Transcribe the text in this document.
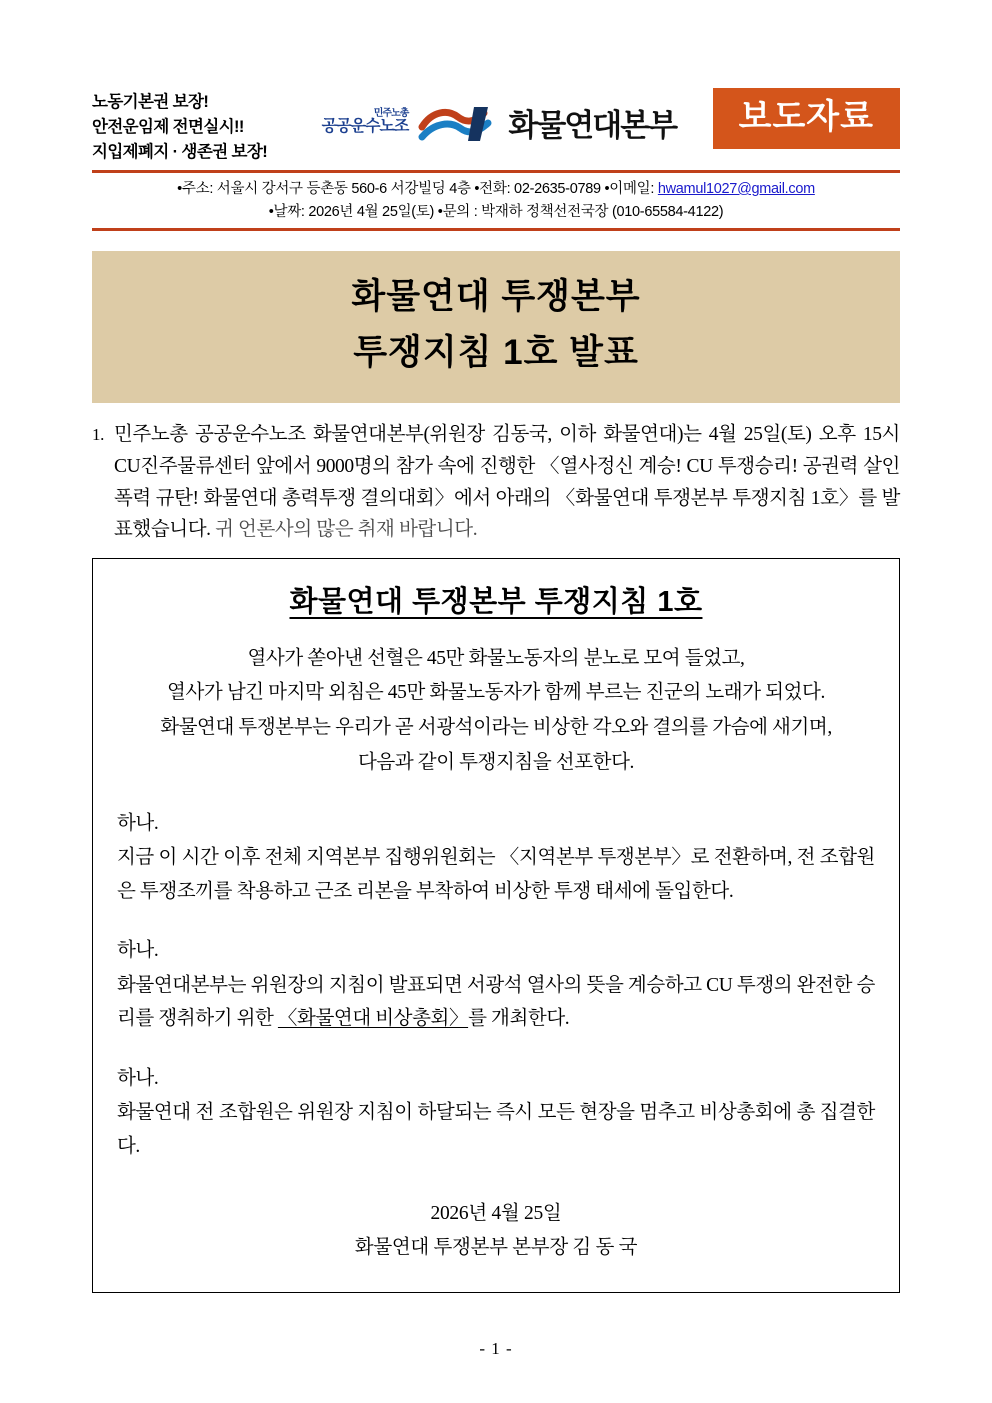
노동기본권 보장!
안전운임제 전면실시!!
지입제폐지 · 생존권 보장!
민주노총
공공운수노조	화물연대본부	보도자료
•주소: 서울시 강서구 등촌동 560-6 서강빌딩 4층 •전화: 02-2635-0789 •이메일: hwamul1027@gmail.com
•날짜: 2026년 4월 25일(토) •문의 : 박재하 정책선전국장 (010-65584-4122)
화물연대 투쟁본부
투쟁지침 1호 발표
1. 민주노총 공공운수노조 화물연대본부(위원장 김동국, 이하 화물연대)는 4월 25일(토) 오후 15시 CU진주물류센터 앞에서 9000명의 참가 속에 진행한 〈열사정신 계승! CU 투쟁승리! 공권력 살인폭력 규탄! 화물연대 총력투쟁 결의대회〉에서 아래의 〈화물연대 투쟁본부 투쟁지침 1호〉를 발표했습니다. 귀 언론사의 많은 취재 바랍니다.
화물연대 투쟁본부 투쟁지침 1호
열사가 쏟아낸 선혈은 45만 화물노동자의 분노로 모여 들었고,
열사가 남긴 마지막 외침은 45만 화물노동자가 함께 부르는 진군의 노래가 되었다.
화물연대 투쟁본부는 우리가 곧 서광석이라는 비상한 각오와 결의를 가슴에 새기며,
다음과 같이 투쟁지침을 선포한다.
하나.
지금 이 시간 이후 전체 지역본부 집행위원회는 〈지역본부 투쟁본부〉로 전환하며, 전 조합원은 투쟁조끼를 착용하고 근조 리본을 부착하여 비상한 투쟁 태세에 돌입한다.
하나.
화물연대본부는 위원장의 지침이 발표되면 서광석 열사의 뜻을 계승하고 CU 투쟁의 완전한 승리를 쟁취하기 위한 〈화물연대 비상총회〉를 개최한다.
하나.
화물연대 전 조합원은 위원장 지침이 하달되는 즉시 모든 현장을 멈추고 비상총회에 총 집결한다.
2026년 4월 25일
화물연대 투쟁본부 본부장 김 동 국
- 1 -
